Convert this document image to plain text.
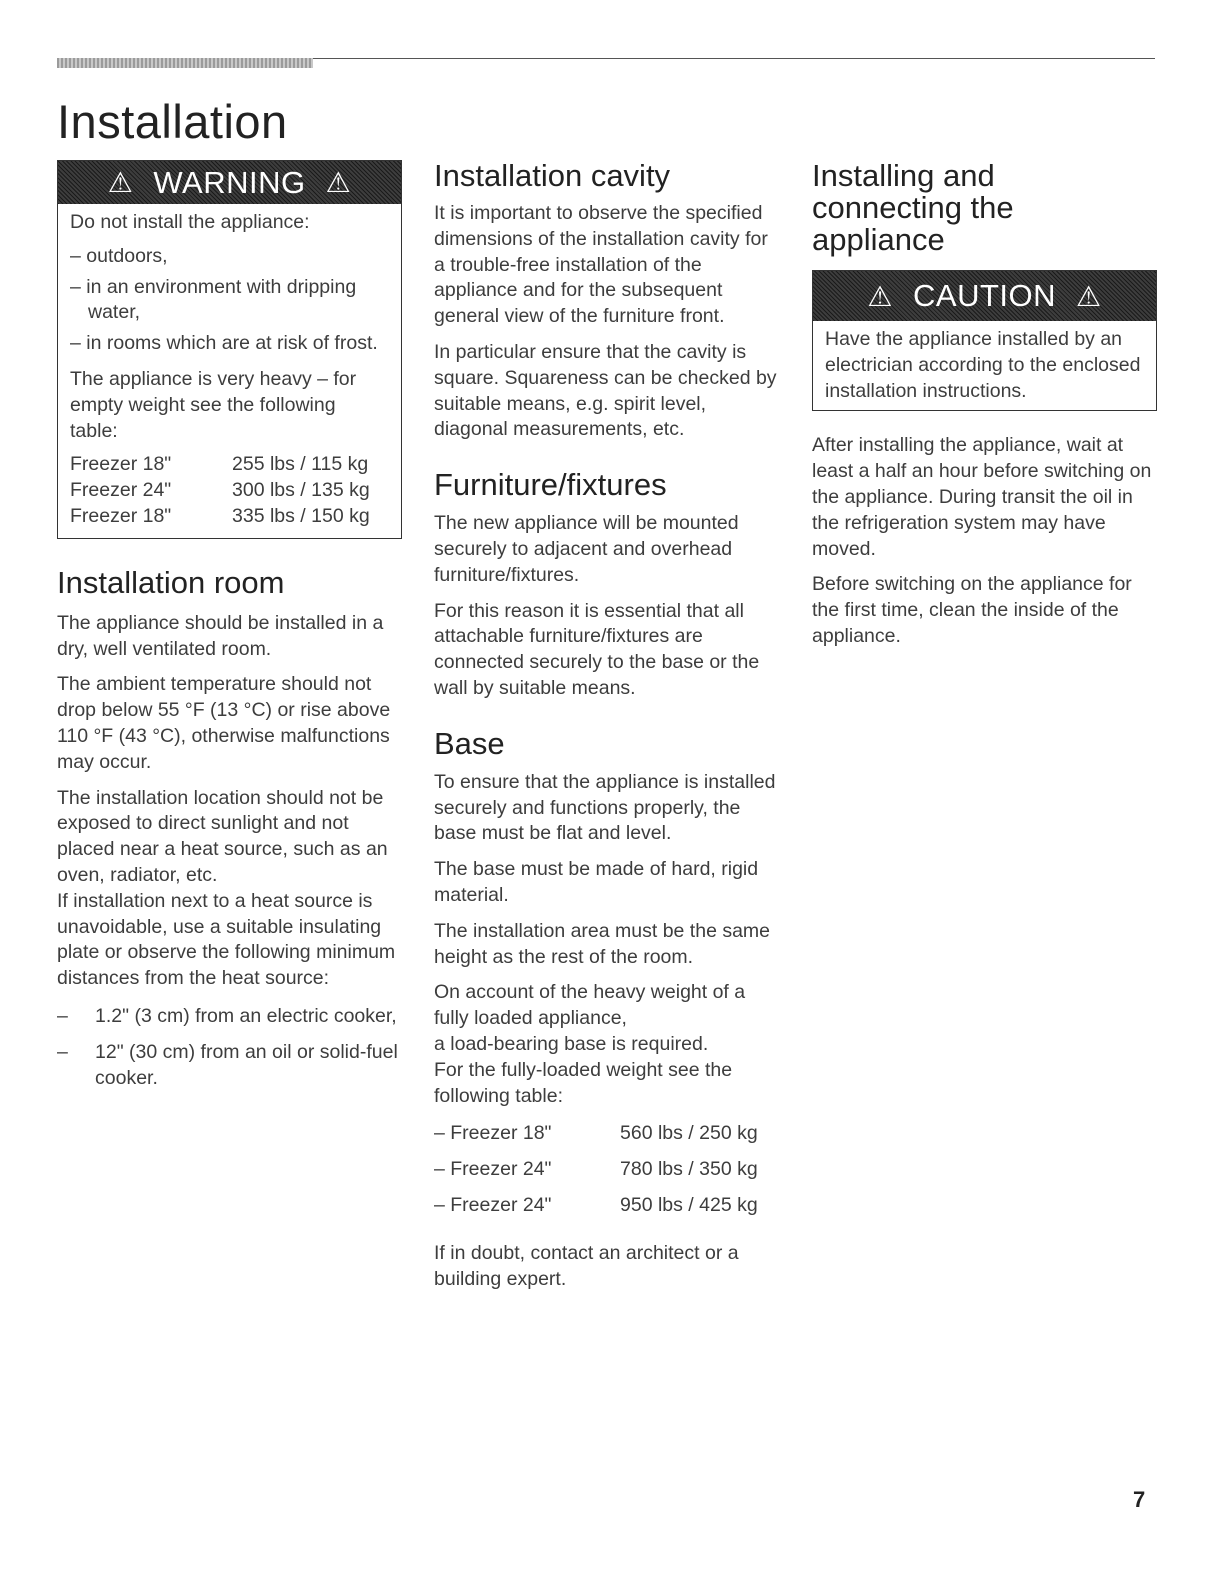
Installation
⚠ WARNING ⚠

Do not install the appliance:

– outdoors,
– in an environment with dripping water,
– in rooms which are at risk of frost.

The appliance is very heavy – for empty weight see the following table:

Freezer 18"	255 lbs / 115 kg
Freezer 24"	300 lbs / 135 kg
Freezer 18"	335 lbs / 150 kg
Installation room

The appliance should be installed in a dry, well ventilated room.

The ambient temperature should not drop below 55 °F (13 °C) or rise above 110 °F (43 °C), otherwise malfunctions may occur.

The installation location should not be exposed to direct sunlight and not placed near a heat source, such as an oven, radiator, etc.

If installation next to a heat source is unavoidable, use a suitable insulating plate or observe the following minimum distances from the heat source:

– 1.2" (3 cm) from an electric cooker,
– 12" (30 cm) from an oil or solid-fuel cooker.
Installation cavity

It is important to observe the specified dimensions of the installation cavity for a trouble-free installation of the appliance and for the subsequent general view of the furniture front.

In particular ensure that the cavity is square. Squareness can be checked by suitable means, e.g. spirit level, diagonal measurements, etc.

Furniture/fixtures

The new appliance will be mounted securely to adjacent and overhead furniture/fixtures.

For this reason it is essential that all attachable furniture/fixtures are connected securely to the base or the wall by suitable means.

Base

To ensure that the appliance is installed securely and functions properly, the base must be flat and level.

The base must be made of hard, rigid material.

The installation area must be the same height as the rest of the room.

On account of the heavy weight of a fully loaded appliance,

a load-bearing base is required.

For the fully-loaded weight see the following table:

– Freezer 18"	560 lbs / 250 kg
– Freezer 24"	780 lbs / 350 kg
– Freezer 24"	950 lbs / 425 kg

If in doubt, contact an architect or a building expert.

Installing and
connecting the
appliance
⚠ CAUTION ⚠

Have the appliance installed by an electrician according to the enclosed installation instructions.

After installing the appliance, wait at least a half an hour before switching on the appliance. During transit the oil in the refrigeration system may have moved.

Before switching on the appliance for the first time, clean the inside of the appliance.

7
